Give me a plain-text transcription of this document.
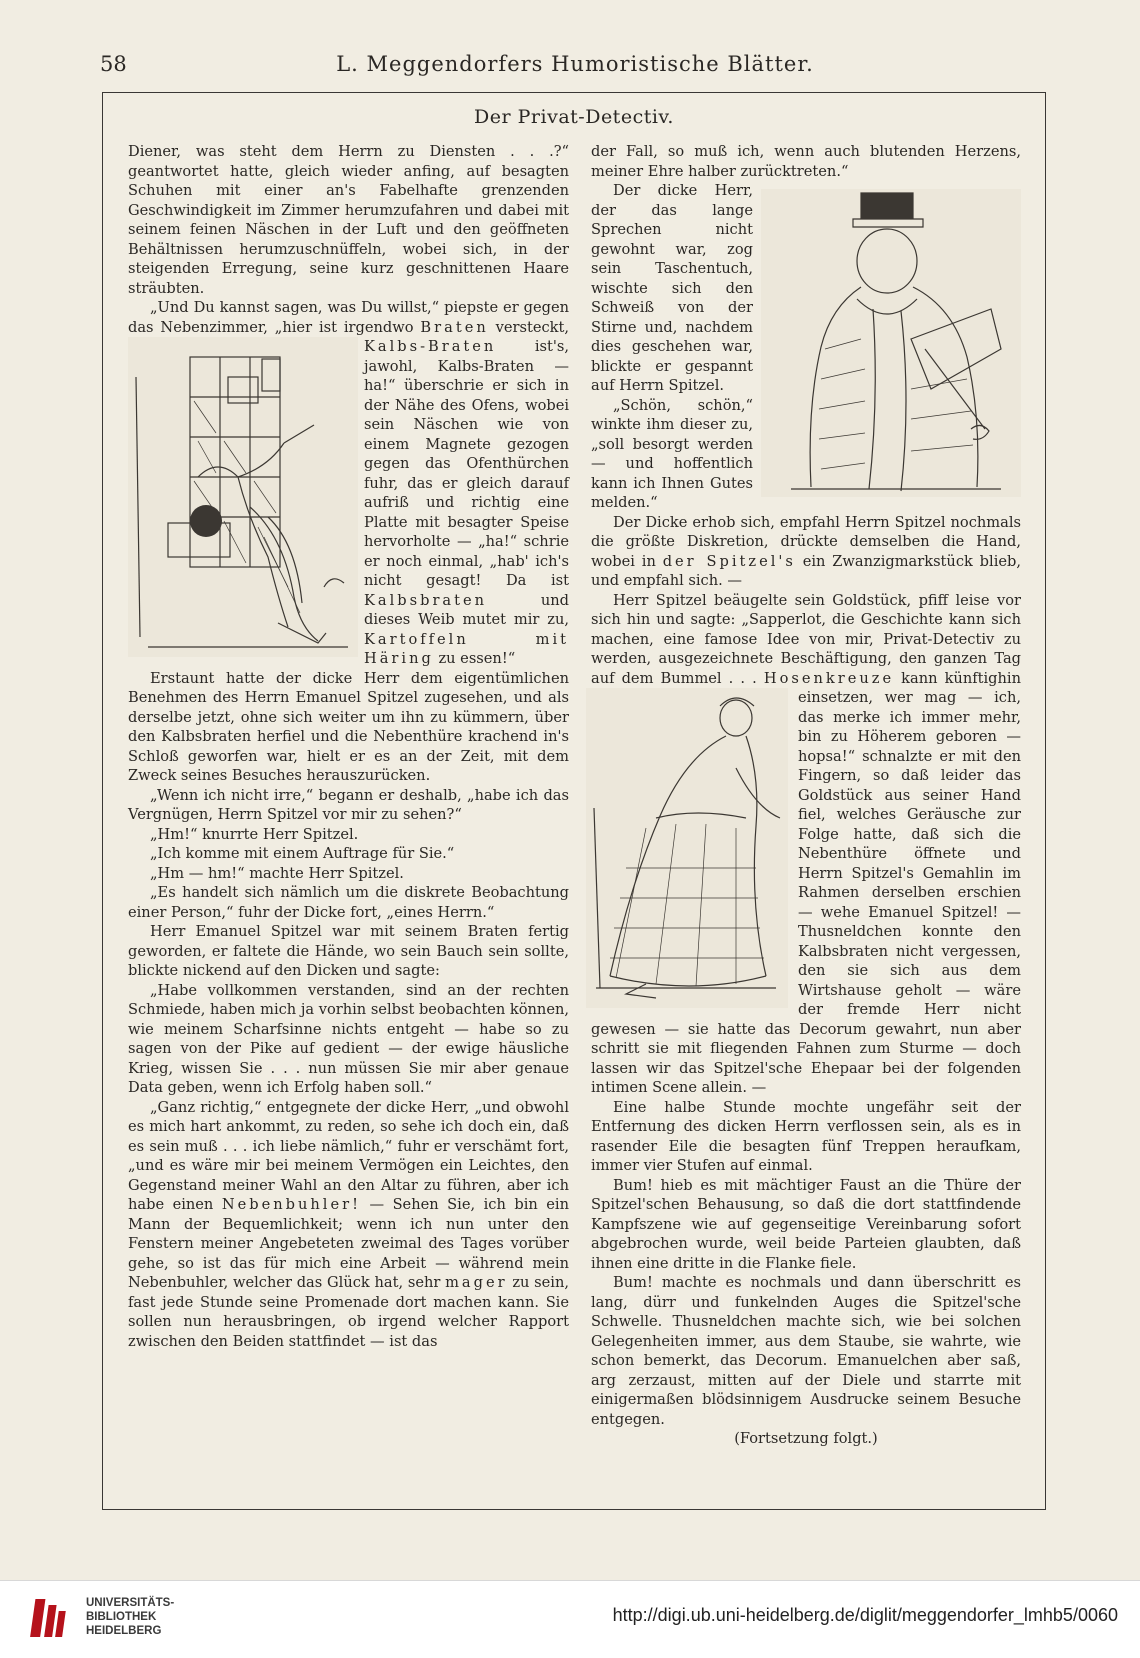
58	L. Meggendorfers Humoristische Blätter.
Der Privat-Detectiv.

Diener, was steht dem Herrn zu Diensten . . .?“ geantwortet hatte, gleich wieder anfing, auf besagten Schuhen mit einer an's Fabelhafte grenzenden Geschwindigkeit im Zimmer herumzufahren und dabei mit seinem feinen Näschen in der Luft und den geöffneten Behältnissen herumzuschnüffeln, wobei sich, in der steigenden Erregung, seine kurz geschnittenen Haare sträubten.

„Und Du kannst sagen, was Du willst,“ piepste er gegen das Nebenzimmer, „hier ist irgendwo Braten versteckt, Kalbs-Braten
ist's, jawohl, Kalbs-Braten — ha!“ überschrie er sich in der Nähe des Ofens, wobei sein Näschen wie von einem Magnete gezogen gegen das Ofenthürchen fuhr, das er gleich darauf aufriß und richtig eine Platte mit besagter Speise hervorholte — „ha!“ schrie er noch einmal, „hab' ich's nicht gesagt! Da ist Kalbsbraten und dieses Weib mutet mir zu, Kartoffeln mit Häring zu essen!“

Erstaunt hatte der dicke Herr dem eigentümlichen Benehmen des Herrn Emanuel Spitzel zugesehen, und als derselbe jetzt, ohne sich weiter um ihn zu kümmern, über den Kalbsbraten herfiel und die Nebenthüre krachend in's Schloß geworfen war, hielt er es an der Zeit, mit dem Zweck seines Besuches herauszurücken.

„Wenn ich nicht irre,“ begann er deshalb, „habe ich das Vergnügen, Herrn Spitzel vor mir zu sehen?“

„Hm!“ knurrte Herr Spitzel.

„Ich komme mit einem Auftrage für Sie.“

„Hm — hm!“ machte Herr Spitzel.

„Es handelt sich nämlich um die diskrete Beobachtung einer Person,“ fuhr der Dicke fort, „eines Herrn.“

Herr Emanuel Spitzel war mit seinem Braten fertig geworden, er faltete die Hände, wo sein Bauch sein sollte, blickte nickend auf den Dicken und sagte:

„Habe vollkommen verstanden, sind an der rechten Schmiede, haben mich ja vorhin selbst beobachten können, wie meinem Scharfsinne nichts entgeht — habe so zu sagen von der Pike auf gedient — der ewige häusliche Krieg, wissen Sie . . . nun müssen Sie mir aber genaue Data geben, wenn ich Erfolg haben soll.“

„Ganz richtig,“ entgegnete der dicke Herr, „und obwohl es mich hart ankommt, zu reden, so sehe ich doch ein, daß es sein muß . . . ich liebe nämlich,“ fuhr er verschämt fort, „und es wäre mir bei meinem Vermögen ein Leichtes, den Gegenstand meiner Wahl an den Altar zu führen, aber ich habe einen Nebenbuhler! — Sehen Sie, ich bin ein Mann der Bequemlichkeit; wenn ich nun unter den Fenstern meiner Angebeteten zweimal des Tages vorüber gehe, so ist das für mich eine Arbeit — während mein Nebenbuhler, welcher das Glück hat, sehr mager zu sein, fast jede Stunde seine Promenade dort machen kann. Sie sollen nun herausbringen, ob irgend welcher Rapport zwischen den Beiden stattfindet — ist das

der Fall, so muß ich, wenn auch blutenden Herzens, meiner Ehre halber zurücktreten.“

Der dicke Herr, der das lange Sprechen nicht gewohnt war, zog sein Taschentuch, wischte sich den Schweiß von der Stirne und, nachdem dies geschehen war, blickte er gespannt auf Herrn Spitzel.

„Schön, schön,“ winkte ihm dieser zu, „soll besorgt werden — und hoffentlich kann ich Ihnen Gutes melden.“

Der Dicke erhob sich, empfahl Herrn Spitzel nochmals die größte Diskretion, drückte demselben die Hand, wobei in der Spitzel's ein Zwanzigmarkstück blieb, und empfahl sich. —

Herr Spitzel beäugelte sein Goldstück, pfiff leise vor sich hin und sagte: „Sapperlot, die Geschichte kann sich machen, eine famose Idee von mir, Privat-Detectiv zu werden, ausgezeichnete Beschäftigung, den ganzen Tag auf dem Bummel . . . Hosenkreuze
kann künftighin einsetzen, wer mag — ich, das merke ich immer mehr, bin zu Höherem geboren — hopsa!“ schnalzte er mit den Fingern, so daß leider das Goldstück aus seiner Hand fiel, welches Geräusche zur Folge hatte, daß sich die Nebenthüre öffnete und Herrn Spitzel's Gemahlin im Rahmen derselben erschien — wehe Emanuel Spitzel! — Thusneldchen konnte den Kalbsbraten nicht vergessen, den sie sich aus dem Wirtshause geholt — wäre der fremde Herr nicht gewesen — sie hatte das Decorum gewahrt, nun aber schritt sie mit fliegenden Fahnen zum Sturme — doch lassen wir das Spitzel'sche Ehepaar bei der folgenden intimen Scene allein. —

Eine halbe Stunde mochte ungefähr seit der Entfernung des dicken Herrn verflossen sein, als es in rasender Eile die besagten fünf Treppen heraufkam, immer vier Stufen auf einmal.

Bum! hieb es mit mächtiger Faust an die Thüre der Spitzel'schen Behausung, so daß die dort stattfindende Kampfszene wie auf gegenseitige Vereinbarung sofort abgebrochen wurde, weil beide Parteien glaubten, daß ihnen eine dritte in die Flanke fiele.

Bum! machte es nochmals und dann überschritt es lang, dürr und funkelnden Auges die Spitzel'sche Schwelle. Thusneldchen machte sich, wie bei solchen Gelegenheiten immer, aus dem Staube, sie wahrte, wie schon bemerkt, das Decorum. Emanuelchen aber saß, arg zerzaust, mitten auf der Diele und starrte mit einigermaßen blödsinnigem Ausdrucke seinem Besuche entgegen.

(Fortsetzung folgt.)

UNIVERSITÄTS-
BIBLIOTHEK
HEIDELBERG
http://digi.ub.uni-heidelberg.de/diglit/meggendorfer_lmhb5/0060
